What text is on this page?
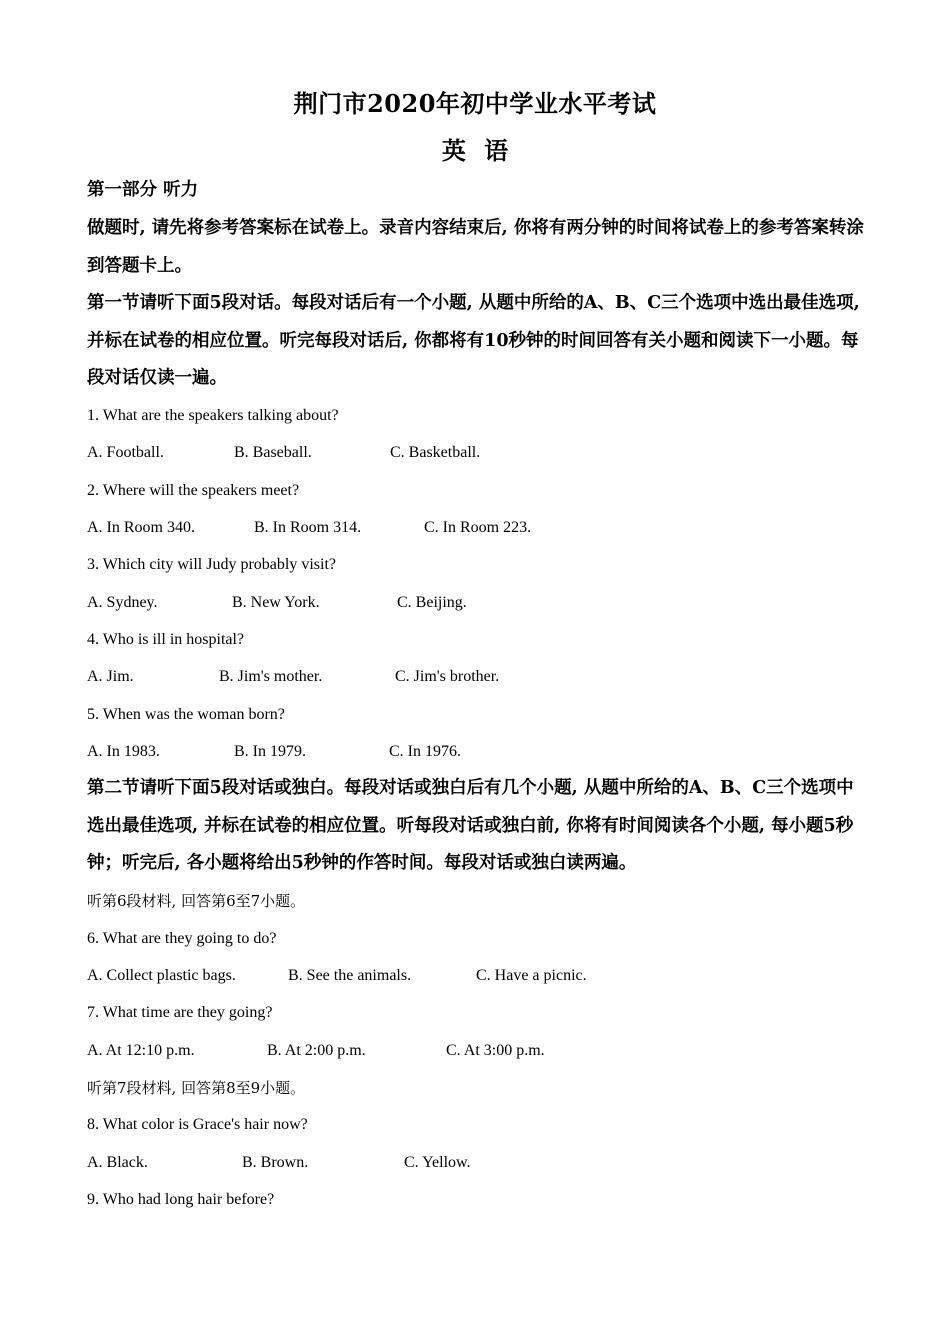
荆门市2020年初中学业水平考试
英 语
第一部分 听力
做题时, 请先将参考答案标在试卷上。录音内容结束后, 你将有两分钟的时间将试卷上的参考答案转涂到答题卡上。
第一节请听下面5段对话。每段对话后有一个小题, 从题中所给的A、B、C三个选项中选出最佳选项, 并标在试卷的相应位置。听完每段对话后, 你都将有10秒钟的时间回答有关小题和阅读下一小题。每段对话仅读一遍。
1. What are the speakers talking about?
A. Football.	B. Baseball.	C. Basketball.
2. Where will the speakers meet?
A. In Room 340.	B. In Room 314.	C. In Room 223.
3. Which city will Judy probably visit?
A. Sydney.	B. New York.	C. Beijing.
4. Who is ill in hospital?
A. Jim.	B. Jim's mother.	C. Jim's brother.
5. When was the woman born?
A. In 1983.	B. In 1979.	C. In 1976.
第二节请听下面5段对话或独白。每段对话或独白后有几个小题, 从题中所给的A、B、C三个选项中选出最佳选项, 并标在试卷的相应位置。听每段对话或独白前, 你将有时间阅读各个小题, 每小题5秒钟；听完后, 各小题将给出5秒钟的作答时间。每段对话或独白读两遍。
听第6段材料, 回答第6至7小题。
6. What are they going to do?
A. Collect plastic bags.	B. See the animals.	C. Have a picnic.
7. What time are they going?
A. At 12:10 p.m.	B. At 2:00 p.m.	C. At 3:00 p.m.
听第7段材料, 回答第8至9小题。
8. What color is Grace's hair now?
A. Black.	B. Brown.	C. Yellow.
9. Who had long hair before?
